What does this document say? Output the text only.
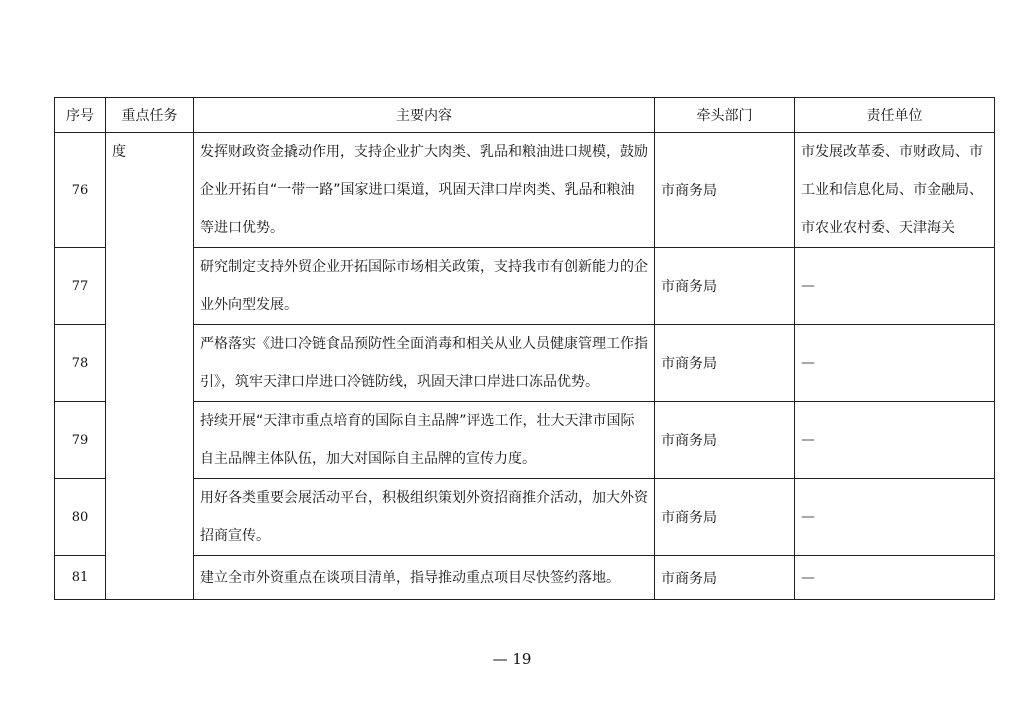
序号	重点任务	主要内容	牵头部门	责任单位
76	度	发挥财政资金撬动作用，支持企业扩大肉类、乳品和粮油进口规模，鼓励企业开拓自“一带一路”国家进口渠道，巩固天津口岸肉类、乳品和粮油等进口优势。	市商务局	市发展改革委、市财政局、市工业和信息化局、市金融局、市农业农村委、天津海关
77		研究制定支持外贸企业开拓国际市场相关政策，支持我市有创新能力的企业外向型发展。	市商务局	—
78		严格落实《进口冷链食品预防性全面消毒和相关从业人员健康管理工作指引》，筑牢天津口岸进口冷链防线，巩固天津口岸进口冻品优势。	市商务局	—
79		持续开展“天津市重点培育的国际自主品牌”评选工作，壮大天津市国际自主品牌主体队伍，加大对国际自主品牌的宣传力度。	市商务局	—
80		用好各类重要会展活动平台，积极组织策划外资招商推介活动，加大外资招商宣传。	市商务局	—
81		建立全市外资重点在谈项目清单，指导推动重点项目尽快签约落地。	市商务局	—
— 19
